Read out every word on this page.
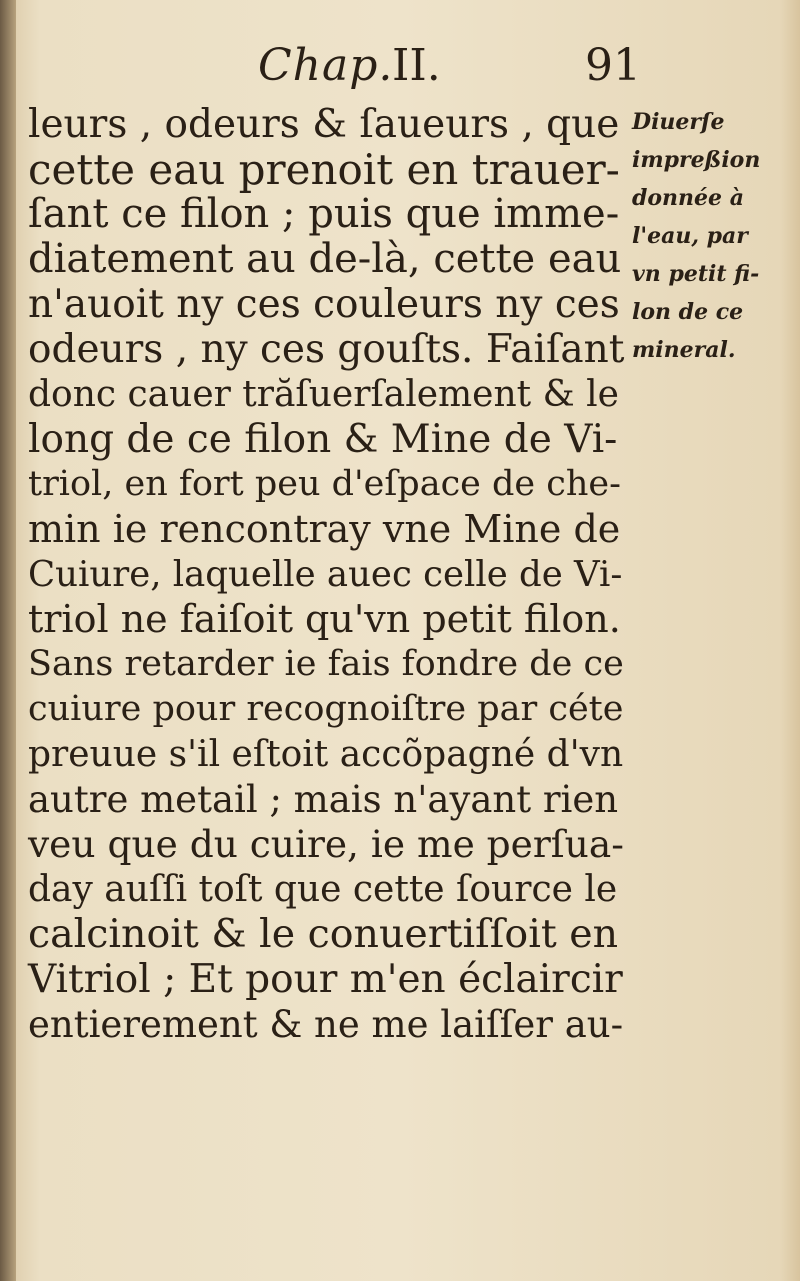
Chap.
II.	91
leurs , odeurs & ſaueurs , que
cette eau prenoit en trauer-
ſant ce filon ; puis que imme-
diatement au de-là, cette eau
n'auoit ny ces couleurs ny ces
odeurs , ny ces gouſts. Faiſant
donc cauer trăſuerſalement & le
long de ce filon & Mine de Vi-
triol, en fort peu d'eſpace de che-
min ie rencontray vne Mine de
Cuiure, laquelle auec celle de Vi-
triol ne faiſoit qu'vn petit filon.
Sans retarder ie fais fondre de ce
cuiure pour recognoiſtre par céte
preuue s'il eſtoit accõpagné d'vn
autre metail ; mais n'ayant rien
veu que du cuire, ie me perſua-
day auſſi toſt que cette ſource le
calcinoit & le conuertiſſoit en
Vitriol ; Et pour m'en éclaircir
entierement & ne me laiſſer au-
Diuerſe
impreßion
donnée à
l'eau, par
vn petit fi-
lon de ce
mineral.
